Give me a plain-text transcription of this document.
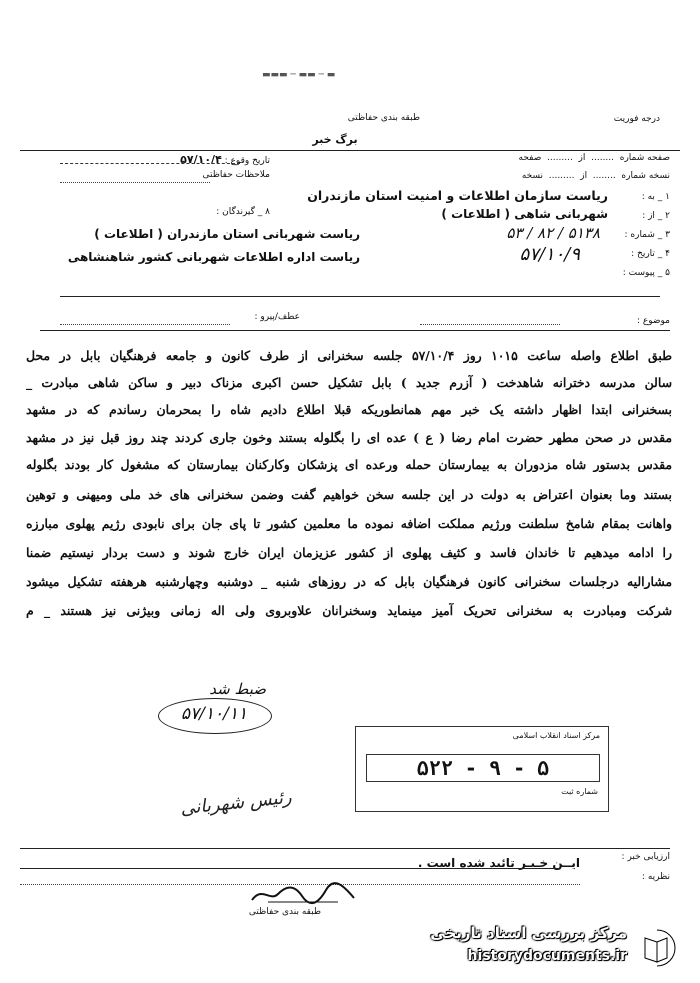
▬▬▬ ─ ▬▬ ─ ▬
طبقه بندی حفاظتی	درجه فوریت
برگ خبر
تاریخ وقوع : ۵۷/۱۰/۴
ملاحظات حفاظتی
۸ _ گیرندگان :
صفحه شماره  ........  از  .........  صفحه
نسخه شماره  ........  از  .........  نسخه
۱ _ به :
ریاست سازمان اطلاعات و امنیت استان مازندران
۲ _ از :
شهربانی شاهی ( اطلاعات )
۳ _ شماره :
۵۱۳۸ / ۸۲ / ۵۳
۴ _ تاریخ :
۵۷/۱۰/۹
۵ _ پیوست :
ریاست شهربانی استان مازندران ( اطلاعات )
ریاست اداره اطلاعات شهربانی کشور شاهنشاهی
موضوع :
عطف/پیرو :
طبق اطلاع واصله ساعت ۱۰۱۵ روز ۵۷/۱۰/۴ جلسه سخنرانی از طرف کانون و جامعه فرهنگیان بابل در محل
سالن مدرسه دخترانه شاهدخت ( آزرم جدید ) بابل تشکیل حسن اکبری مزناک دبیر و ساکن شاهی مبادرت _
بسخنرانی ابتدا اظهار داشته یک خبر مهم همانطوریکه قبلا اطلاع دادیم شاه را بمحرمان رساندم که در مشهد
مقدس در صحن مطهر حضرت امام رضا ( ع ) عده ای را بگلوله بستند وخون جاری کردند چند روز قبل نیز در مشهد
مقدس بدستور شاه مزدوران به بیمارستان حمله ورعده ای پزشکان وکارکنان بیمارستان که مشغول کار بودند بگلوله
بستند وما بعنوان اعتراض به دولت در این جلسه سخن خواهیم گفت وضمن سخنرانی های خد ملی ومیهنی و توهین
واهانت بمقام شامخ سلطنت ورژیم مملکت اضافه نموده ما معلمین کشور تا پای جان برای نابودی رژیم پهلوی مبارزه
را ادامه میدهیم تا خاندان فاسد و کثیف پهلوی از کشور عزیزمان ایران خارج شوند و دست بردار نیستیم ضمنا
مشارالیه درجلسات سخنرانی کانون فرهنگیان بابل که در روزهای شنبه _ دوشنبه وچهارشنبه هرهفته تشکیل میشود
شرکت ومبادرت به سخنرانی تحریک آمیز مینماید وسخنرانان علاوبروی ولی اله زمانی وبیژنی نیز هستند _ م
ضبط شد
۵۷/۱۰/۱۱
مرکز اسناد انقلاب اسلامی
۵۲۲ - ۹ - ۵
شماره ثبت
رئیس شهربانی
ارزیابی خبر :
نظریه :
ایــن خـبـر تائید شده است .
طبقه بندی حفاظتی
مرکز بررسی اسناد تاریخی
historydocuments.ir
